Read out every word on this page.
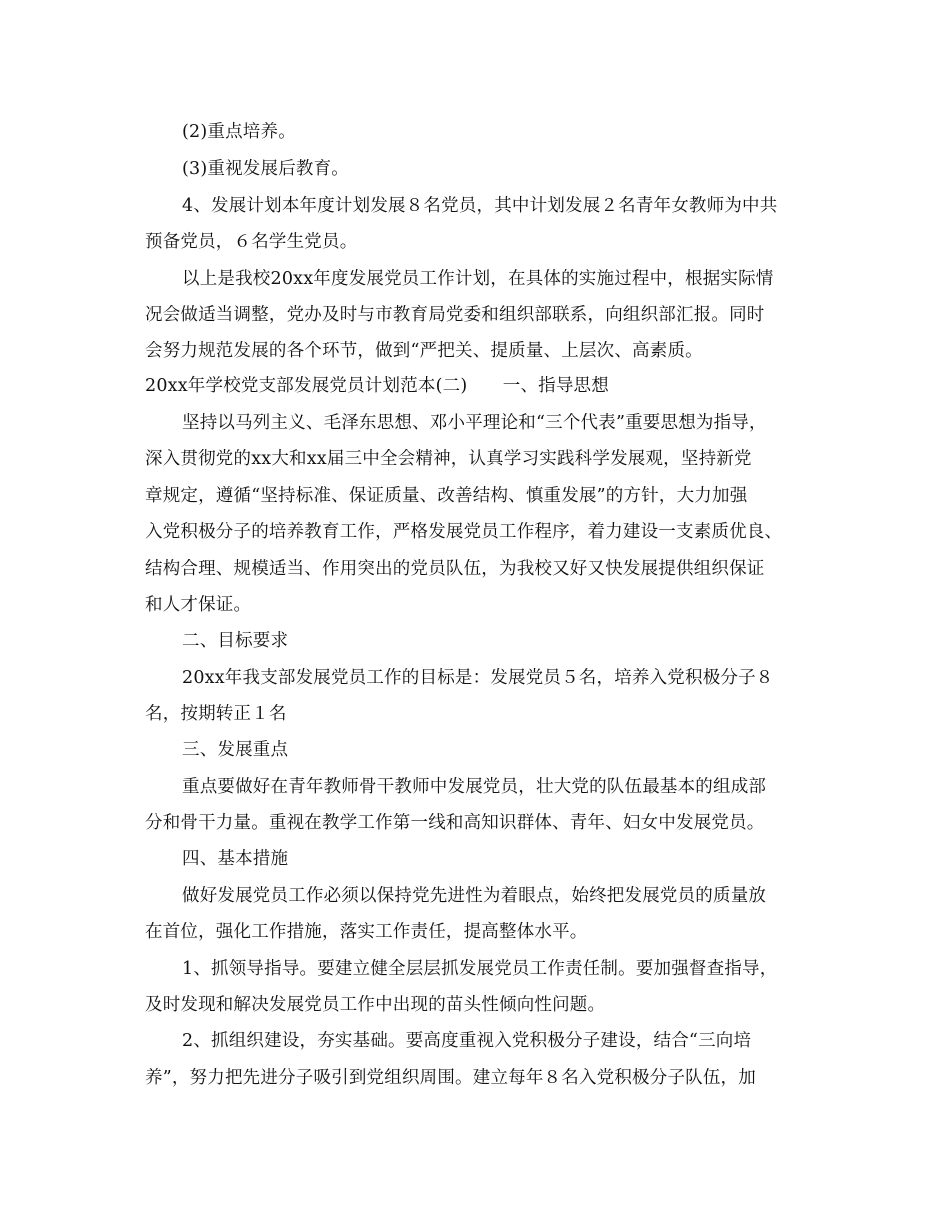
(2)重点培养。
(3)重视发展后教育。
4、发展计划本年度计划发展８名党员，其中计划发展２名青年女教师为中共
预备党员，６名学生党员。
以上是我校20xx年度发展党员工作计划，在具体的实施过程中，根据实际情
况会做适当调整，党办及时与市教育局党委和组织部联系，向组织部汇报。同时
会努力规范发展的各个环节，做到“严把关、提质量、上层次、高素质。
20xx年学校党支部发展党员计划范本(二)　　一、指导思想
坚持以马列主义、毛泽东思想、邓小平理论和“三个代表”重要思想为指导，
深入贯彻党的xx大和xx届三中全会精神，认真学习实践科学发展观，坚持新党
章规定，遵循“坚持标准、保证质量、改善结构、慎重发展”的方针，大力加强
入党积极分子的培养教育工作，严格发展党员工作程序，着力建设一支素质优良、
结构合理、规模适当、作用突出的党员队伍，为我校又好又快发展提供组织保证
和人才保证。
二、目标要求
20xx年我支部发展党员工作的目标是：发展党员５名，培养入党积极分子８
名，按期转正１名
三、发展重点
重点要做好在青年教师骨干教师中发展党员，壮大党的队伍最基本的组成部
分和骨干力量。重视在教学工作第一线和高知识群体、青年、妇女中发展党员。
四、基本措施
做好发展党员工作必须以保持党先进性为着眼点，始终把发展党员的质量放
在首位，强化工作措施，落实工作责任，提高整体水平。
1、抓领导指导。要建立健全层层抓发展党员工作责任制。要加强督查指导，
及时发现和解决发展党员工作中出现的苗头性倾向性问题。
2、抓组织建设，夯实基础。要高度重视入党积极分子建设，结合“三向培
养”，努力把先进分子吸引到党组织周围。建立每年８名入党积极分子队伍，加
